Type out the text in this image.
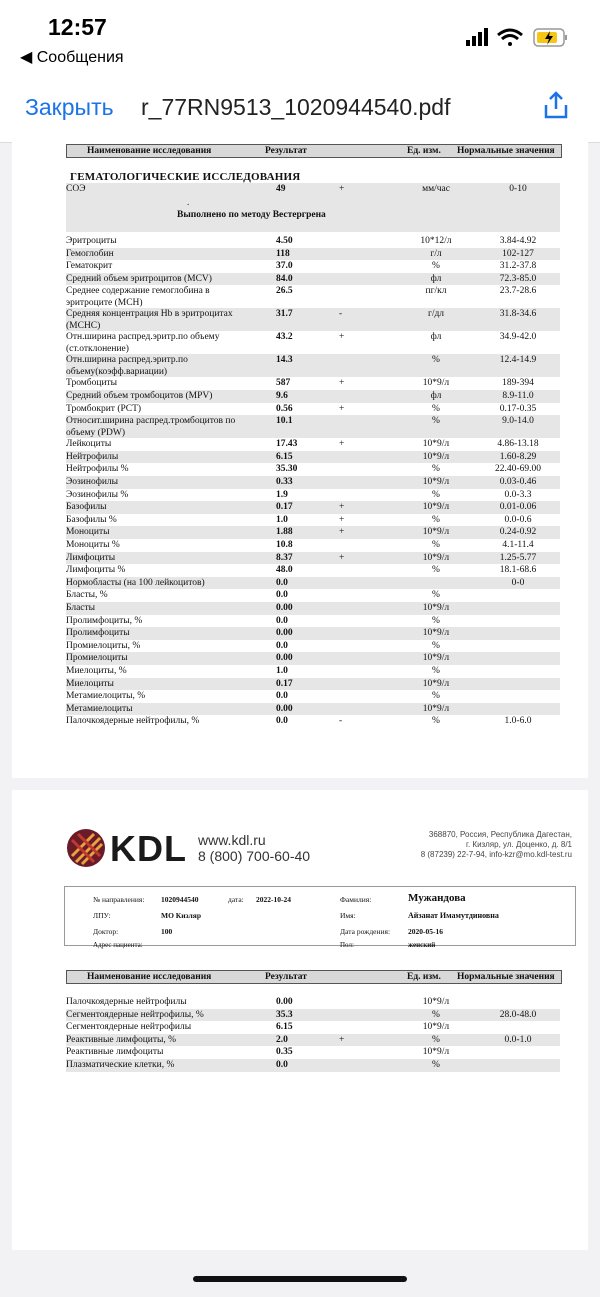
12:57
◀ Сообщения
Закрыть r_77RN9513_1020944540.pdf
Наименование исследования	Результат	Ед. изм. Нормальные значения
ГЕМАТОЛОГИЧЕСКИЕ ИССЛЕДОВАНИЯ
СОЭ	49	+	мм/час	0-10
.
Выполнено по методу Вестергрена
Эритроциты	4.50	10*12/л	3.84-4.92
Гемоглобин	118	г/л	102-127
Гематокрит	37.0	%	31.2-37.8
Средний объем эритроцитов (MCV)	84.0	фл	72.3-85.0
Среднее содержание гемоглобина в эритроците (MCH)
26.5	пг/кл	23.7-28.6
Средняя концентрация Hb в эритроцитах (MCHC)
31.7	-	г/дл	31.8-34.6
Отн.ширина распред.эритр.по объему (ст.отклонение)
43.2	+	фл	34.9-42.0
Отн.ширина распред.эритр.по объему(коэфф.вариации)
14.3	%	12.4-14.9
Тромбоциты	587	+	10*9/л	189-394
Средний объем тромбоцитов (MPV)	9.6	фл	8.9-11.0
Тромбокрит (PCT)	0.56	+	%	0.17-0.35
Относит.ширина распред.тромбоцитов по объему (PDW)
10.1	%	9.0-14.0
Лейкоциты	17.43	+	10*9/л	4.86-13.18
Нейтрофилы	6.15	10*9/л	1.60-8.29
Нейтрофилы %	35.30	%	22.40-69.00
Эозинофилы	0.33	10*9/л	0.03-0.46
Эозинофилы %	1.9	%	0.0-3.3
Базофилы	0.17	+	10*9/л	0.01-0.06
Базофилы %	1.0	+	%	0.0-0.6
Моноциты	1.88	+	10*9/л	0.24-0.92
Моноциты %	10.8	%	4.1-11.4
Лимфоциты	8.37	+	10*9/л	1.25-5.77
Лимфоциты %	48.0	%	18.1-68.6
Нормобласты (на 100 лейкоцитов)	0.0	0-0
Бласты, %	0.0	%
Бласты	0.00	10*9/л
Пролимфоциты, %	0.0	%
Пролимфоциты	0.00	10*9/л
Промиелоциты, %	0.0	%
Промиелоциты	0.00	10*9/л
Миелоциты, %	1.0	%
Миелоциты	0.17	10*9/л
Метамиелоциты, %	0.0	%
Метамиелоциты	0.00	10*9/л
Палочкоядерные нейтрофилы, %	0.0	-	%	1.0-6.0
KDL www.kdl.ru
8 (800) 700-60-40
368870, Россия, Республика Дагестан,
г. Кизляр, ул. Доценко, д. 8/1
8 (87239) 22-7-94, info-kzr@mo.kdl-test.ru
№ направления: 1020944540	дата: 2022-10-24
ЛПУ:	МО Кизляр
Доктор:	100
Адрес пациента:
Фамилия:	Мужандова
Имя:	Айзанат Имамутдиновна
Дата рождения: 2020-05-16
Пол:	женский
Наименование исследования	Результат	Ед. изм. Нормальные значения
Палочкоядерные нейтрофилы	0.00	10*9/л
Сегментоядерные нейтрофилы, %	35.3	%	28.0-48.0
Сегментоядерные нейтрофилы	6.15	10*9/л
Реактивные лимфоциты, %	2.0	+	%	0.0-1.0
Реактивные лимфоциты	0.35	10*9/л
Плазматические клетки, %	0.0	%
